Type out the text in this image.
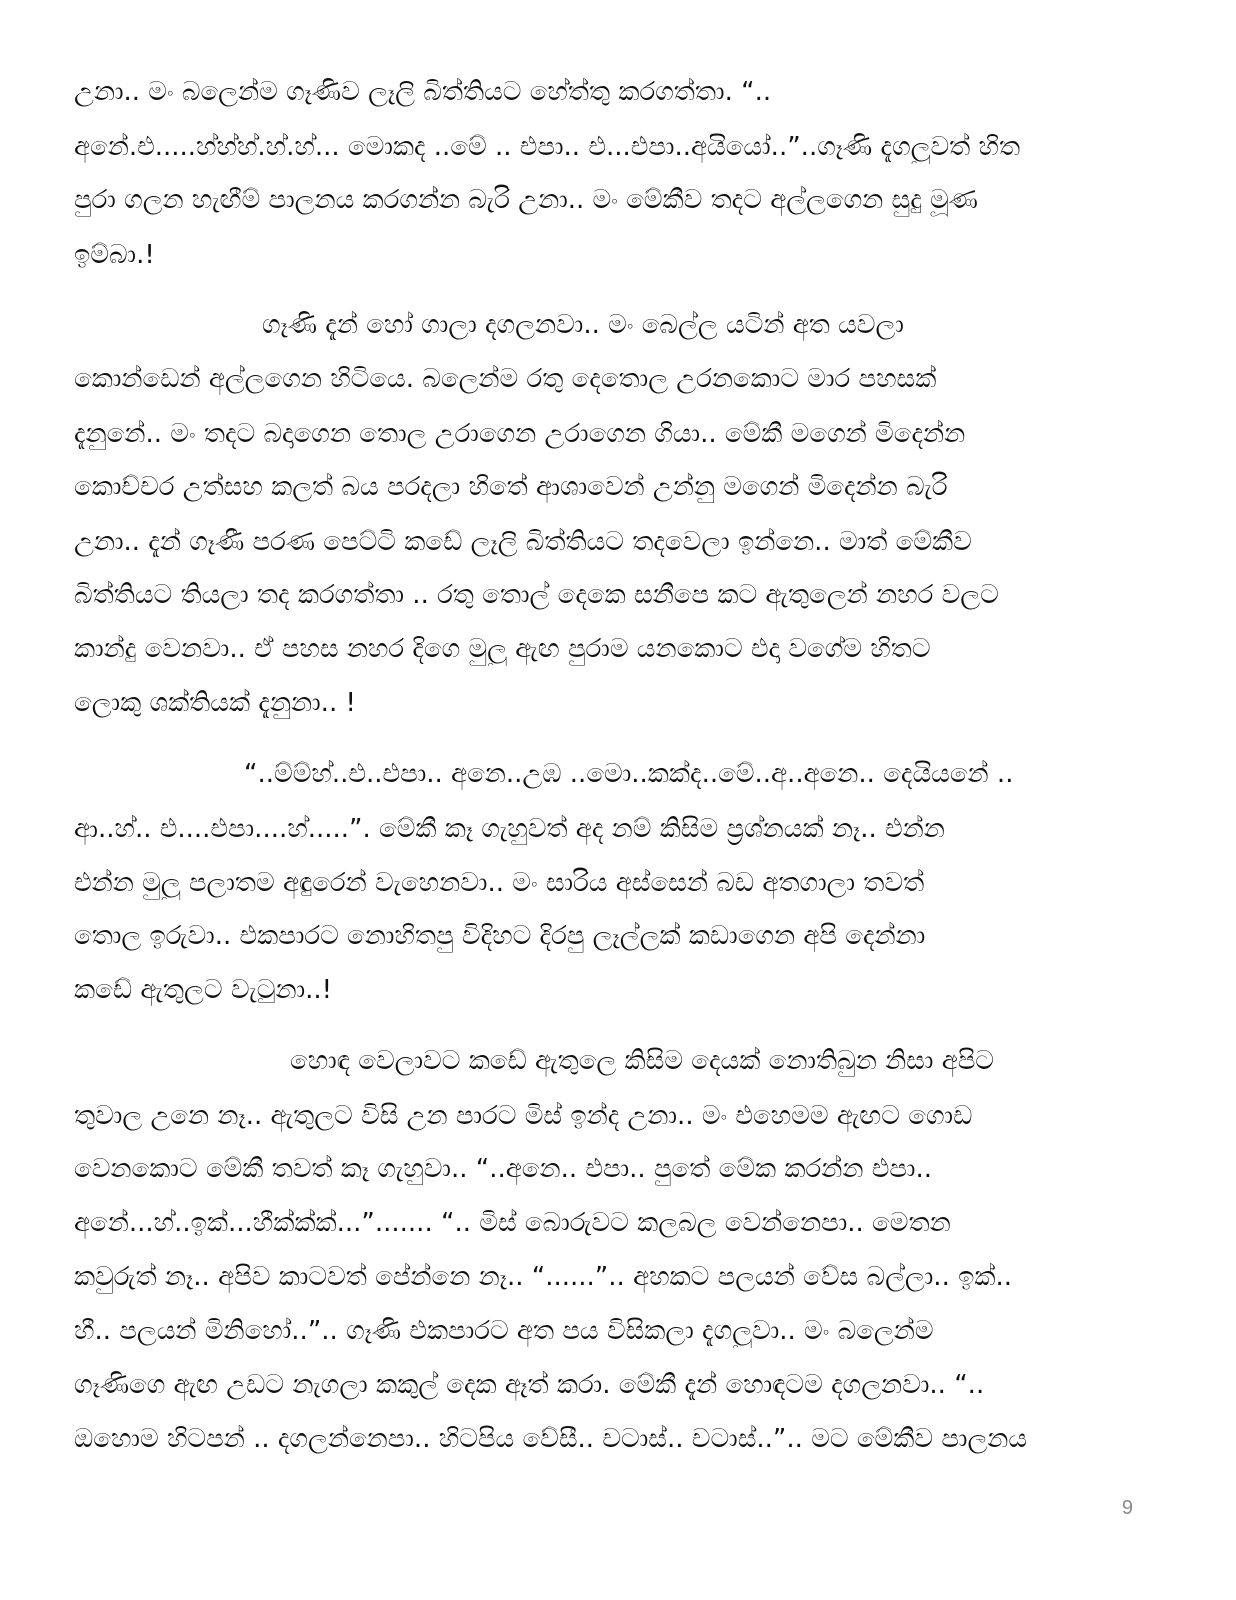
උනා.. මං බලෙන්ම ගෑණිව ලෑලි බිත්තියට හේත්තු කරගත්තා. “..
අනේ.එ.....හ්හ්හ්.හ්.හ්... මොකද ..මේ .. එපා.. එ...එපා..අයියෝ..”..ගෑණි දැගලුවත් හිත
පුරා ගලන හැඟීම් පාලනය කරගන්න බැරි උනා.. මං මේකීව තදට අල්ලගෙන සුදු මූණ
ඉම්බා.!
ගෑණි දැන් හෝ ගාලා දගලනවා.. මං බෙල්ල යටින් අත යවලා
කොන්ඩෙන් අල්ලගෙන හිටියෙ. බලෙන්ම රතු දෙතොල උරනකොට මාර පහසක්
දැනුනේ.. මං තදට බදාගෙන තොල උරාගෙන උරාගෙන ගියා.. මේකී මගෙන් මිදෙන්න
කොච්චර උත්සහ කලත් බය පරදලා හිතේ ආශාවෙන් උන්නු මගෙන් මිදෙන්න බැරි
උනා.. දැන් ගෑණී පරණ පෙට්ටි කඩේ ලෑලි බිත්තියට තදවෙලා ඉන්නෙ.. මාත් මේකීව
බිත්තියට තියලා තද කරගත්තා .. රතු තොල් දෙකෙ සනීපෙ කට ඇතුලෙන් නහර වලට
කාන්දු වෙනවා.. ඒ පහස නහර දිගෙ මුලු ඇඟ පුරාම යනකොට එදා වගේම හිතට
ලොකු ශක්තියක් දැනුනා.. !
“..ම්ම්හ්..එ..එපා.. අනෙ..උඹ ..මො..කක්ද..මේ..අ..අනෙ.. දෙයියනේ ..
ආ..හ්.. එ....එපා....හ්.....”. මේකී කෑ ගැහුවත් අද නම් කිසිම ප්‍රශ්නයක් නෑ.. එන්න
එන්න මුලු පලාතම අඳුරෙන් වැහෙනවා.. මං සාරිය අස්සෙන් බඩ අතගාලා තවත්
තොල ඉරුවා.. එකපාරට නොහිතපු විදිහට දිරපු ලෑල්ලක් කඩාගෙන අපි දෙන්නා
කඩේ ඇතුලට වැටුනා..!
හොඳ වෙලාවට කඩේ ඇතුලෙ කිසිම දෙයක් නොතිබුන නිසා අපිට
තුවාල උනෙ නෑ.. ඇතුලට විසි උන පාරට මිස් ඉන්ද උනා.. මං එහෙමම ඇඟට ගොඩ
වෙනකොට මේකී තවත් කෑ ගැහුවා.. “..අනෙ.. එපා.. පුතේ මේක කරන්න එපා..
අනේ...හ්..ඉක්...හීක්ක්ක්...”....... “.. මිස් බොරුවට කලබල වෙන්නෙපා.. මෙතන
කවුරුත් නෑ.. අපිව කාටවත් පේන්නෙ නෑ.. “......”.. අහකට පලයන් වේස බල්ලා.. ඉක්..
හී.. පලයන් මිනිහෝ..”.. ගෑණි එකපාරට අත පය විසිකලා දැගලුවා.. මං බලෙන්ම
ගෑණිගෙ ඇඟ උඩට නැගලා කකුල් දෙක ඈත් කරා. මේකී දැන් හොඳටම දගලනවා.. “..
ඔහොම හිටපන් .. දගලන්නෙපා.. හිටපිය වේසී.. චටාස්.. චටාස්..”.. මට මේකීව පාලනය
9
